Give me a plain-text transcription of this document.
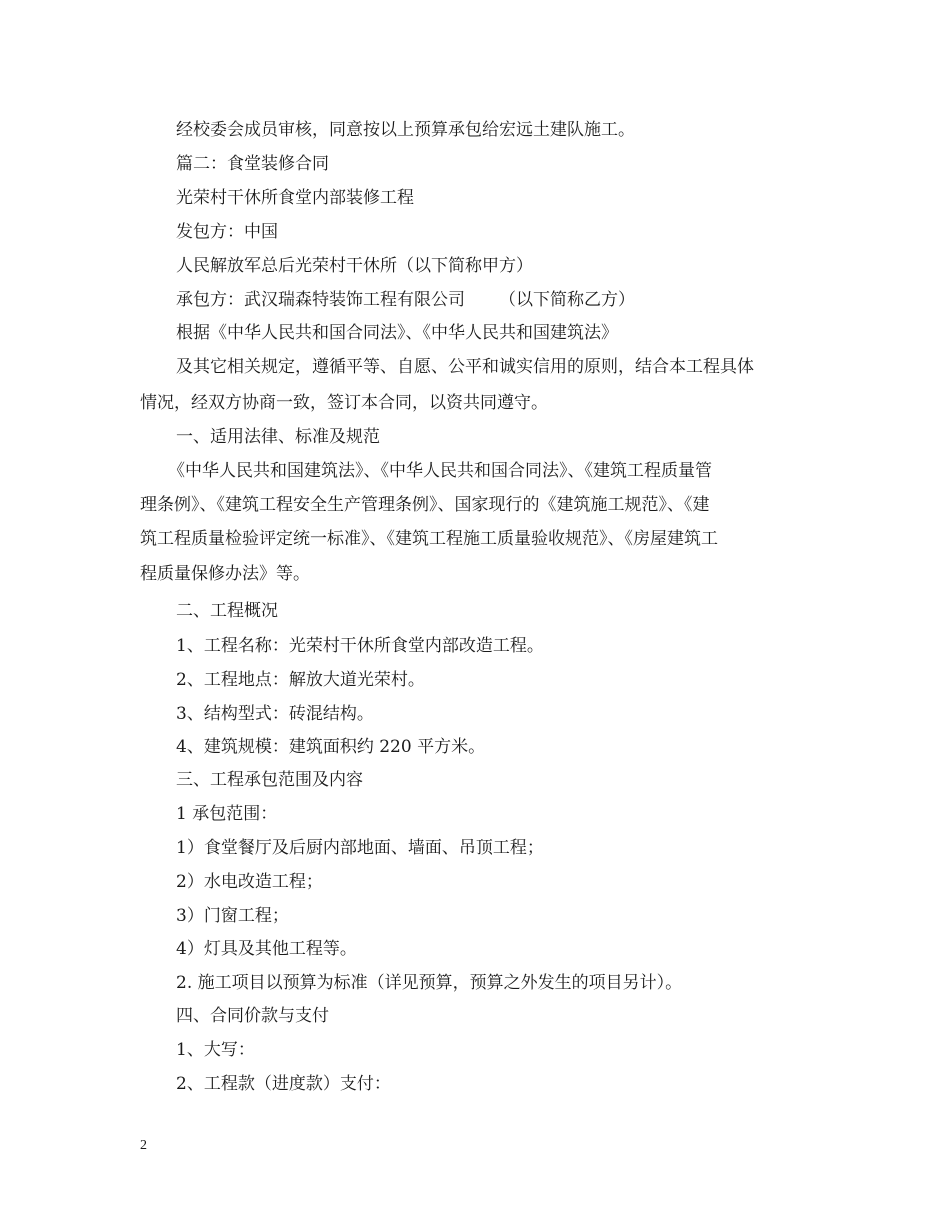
经校委会成员审核，同意按以上预算承包给宏远土建队施工。
篇二：食堂装修合同
光荣村干休所食堂内部装修工程
发包方：中国
人民解放军总后光荣村干休所（以下简称甲方）
承包方：武汉瑞森特装饰工程有限公司 （以下简称乙方）
根据《中华人民共和国合同法》、《中华人民共和国建筑法》
及其它相关规定，遵循平等、自愿、公平和诚实信用的原则，结合本工程具体
情况，经双方协商一致，签订本合同，以资共同遵守。
一、适用法律、标准及规范
《中华人民共和国建筑法》、《中华人民共和国合同法》、《建筑工程质量管
理条例》、《建筑工程安全生产管理条例》、国家现行的《建筑施工规范》、《建
筑工程质量检验评定统一标准》、《建筑工程施工质量验收规范》、《房屋建筑工
程质量保修办法》等。
二、工程概况
1、工程名称：光荣村干休所食堂内部改造工程。
2、工程地点：解放大道光荣村。
3、结构型式：砖混结构。
4、建筑规模：建筑面积约 220 平方米。
三、工程承包范围及内容
1 承包范围：
1）食堂餐厅及后厨内部地面、墙面、吊顶工程；
2）水电改造工程；
3）门窗工程；
4）灯具及其他工程等。
2. 施工项目以预算为标准（详见预算，预算之外发生的项目另计）。
四、合同价款与支付
1、大写：
2、工程款（进度款）支付：
2
